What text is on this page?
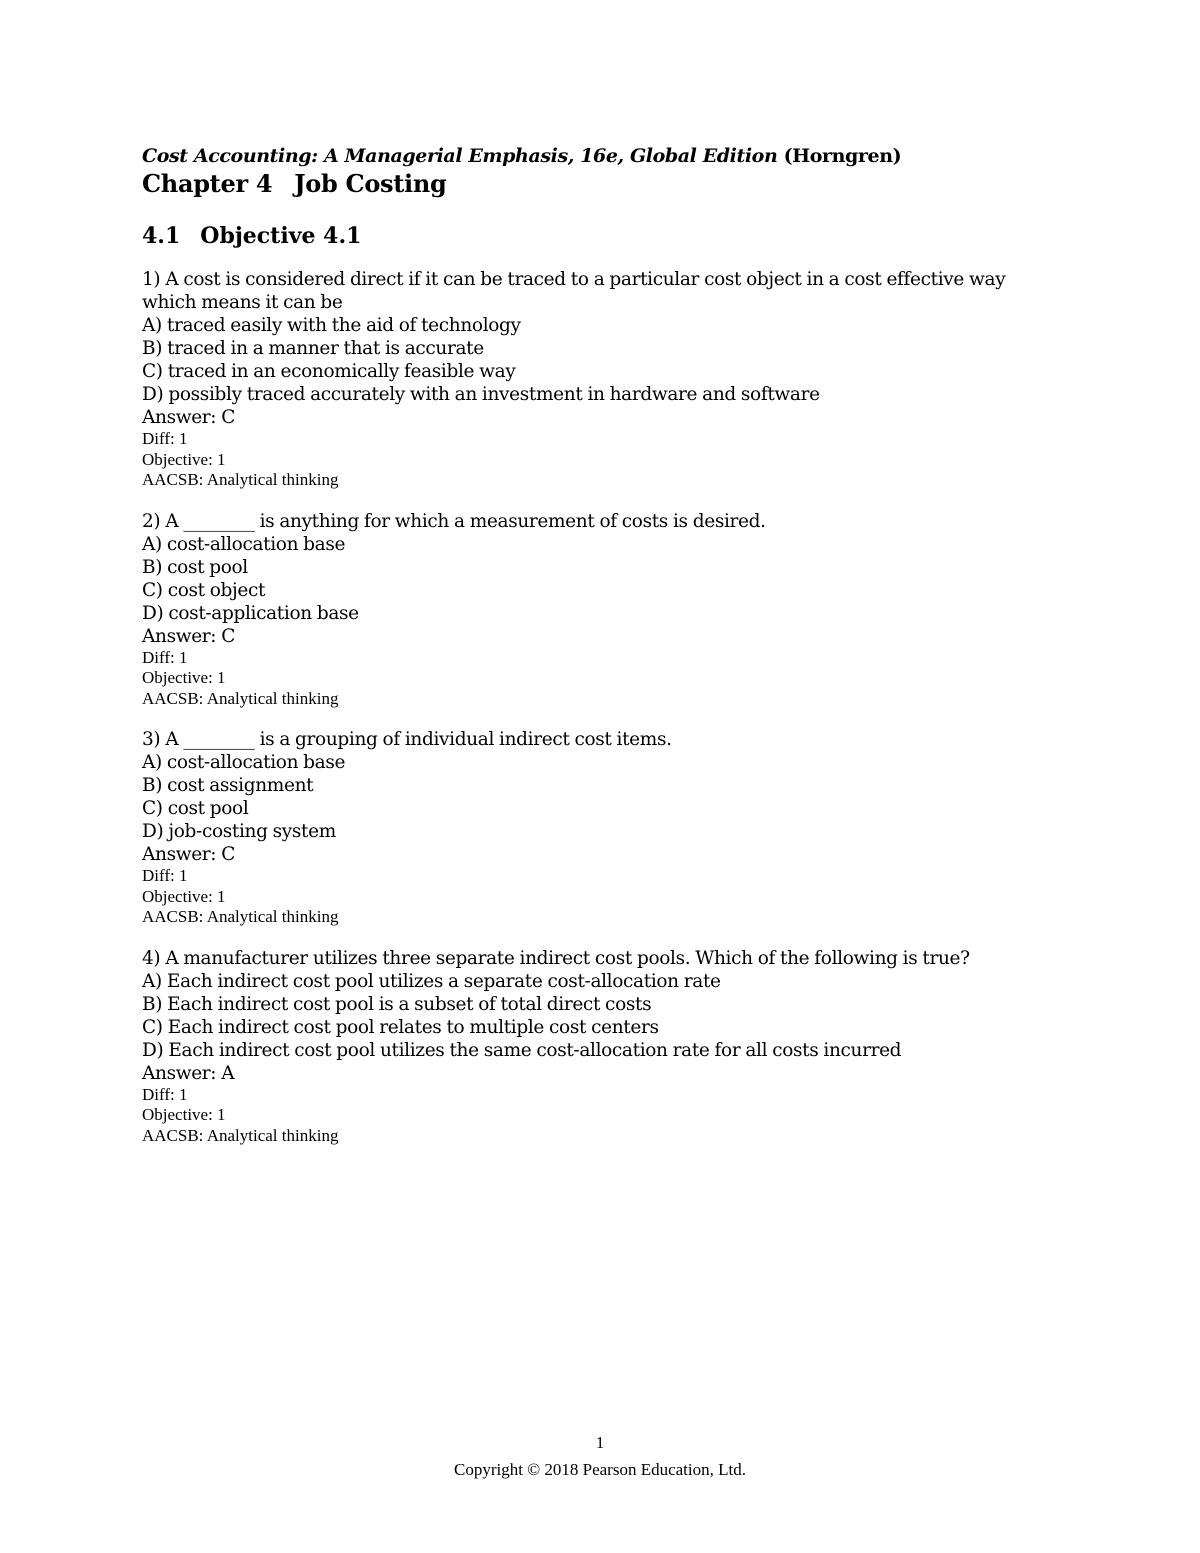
Cost Accounting: A Managerial Emphasis, 16e, Global Edition (Horngren)
Chapter 4 Job Costing
4.1 Objective 4.1
1) A cost is considered direct if it can be traced to a particular cost object in a cost effective way which means it can be
A) traced easily with the aid of technology
B) traced in a manner that is accurate
C) traced in an economically feasible way
D) possibly traced accurately with an investment in hardware and software
Answer: C
Diff: 1
Objective: 1
AACSB: Analytical thinking
2) A ________ is anything for which a measurement of costs is desired.
A) cost-allocation base
B) cost pool
C) cost object
D) cost-application base
Answer: C
Diff: 1
Objective: 1
AACSB: Analytical thinking
3) A ________ is a grouping of individual indirect cost items.
A) cost-allocation base
B) cost assignment
C) cost pool
D) job-costing system
Answer: C
Diff: 1
Objective: 1
AACSB: Analytical thinking
4) A manufacturer utilizes three separate indirect cost pools. Which of the following is true?
A) Each indirect cost pool utilizes a separate cost-allocation rate
B) Each indirect cost pool is a subset of total direct costs
C) Each indirect cost pool relates to multiple cost centers
D) Each indirect cost pool utilizes the same cost-allocation rate for all costs incurred
Answer: A
Diff: 1
Objective: 1
AACSB: Analytical thinking
1
Copyright © 2018 Pearson Education, Ltd.
